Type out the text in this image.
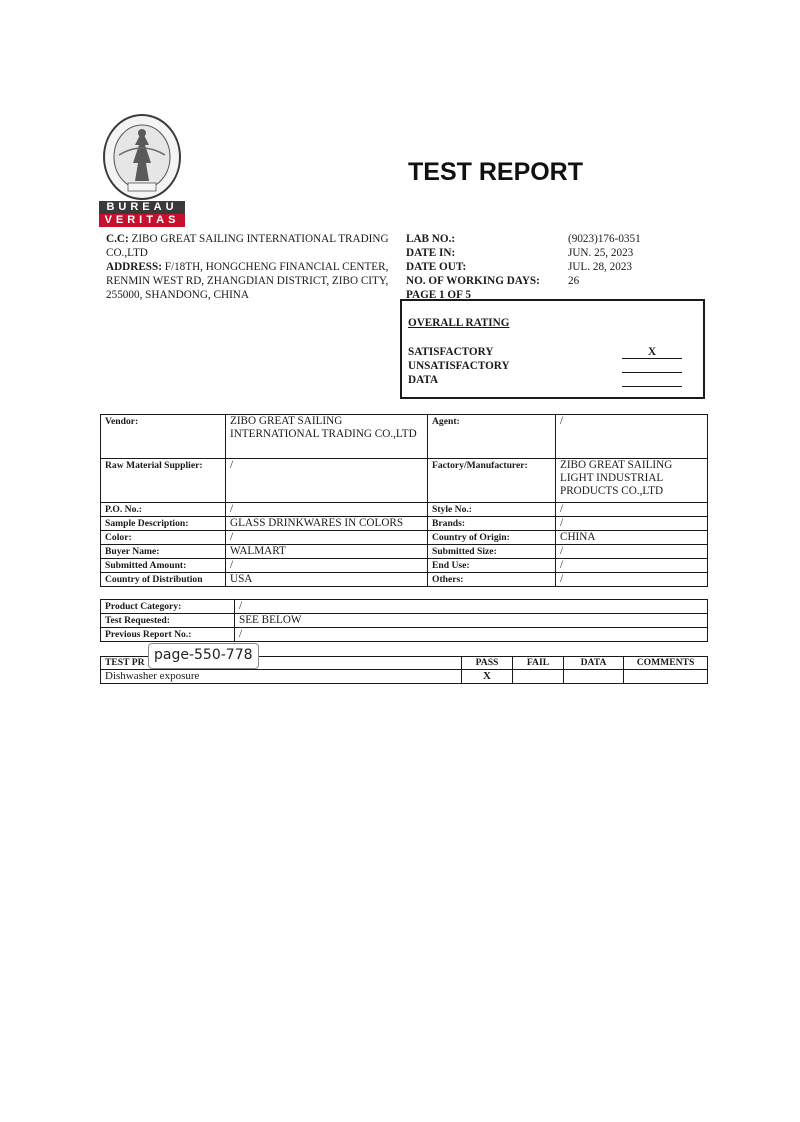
BUREAU
VERITAS
TEST REPORT
C.C: ZIBO GREAT SAILING INTERNATIONAL TRADING CO.,LTD
ADDRESS: F/18TH, HONGCHENG FINANCIAL CENTER, RENMIN WEST RD, ZHANGDIAN DISTRICT, ZIBO CITY, 255000, SHANDONG, CHINA
LAB NO.:	(9023)176-0351
DATE IN:	JUN. 25, 2023
DATE OUT:	JUL. 28, 2023
NO. OF WORKING DAYS:	26
PAGE 1 OF 5
OVERALL RATING
SATISFACTORY	X
UNSATISFACTORY
DATA
Vendor:	ZIBO GREAT SAILING INTERNATIONAL TRADING CO.,LTD	Agent:	/
Raw Material Supplier:	/	Factory/Manufacturer:	ZIBO GREAT SAILING LIGHT INDUSTRIAL PRODUCTS CO.,LTD
P.O. No.:	/	Style No.:	/
Sample Description:	GLASS DRINKWARES IN COLORS	Brands:	/
Color:	/	Country of Origin:	CHINA
Buyer Name:	WALMART	Submitted Size:	/
Submitted Amount:	/	End Use:	/
Country of Distribution	USA	Others:	/
Product Category:	/
Test Requested:	SEE BELOW
Previous Report No.:	/
TEST PR	PASS	FAIL	DATA	COMMENTS
Dishwasher exposure	X			
page-550-778
